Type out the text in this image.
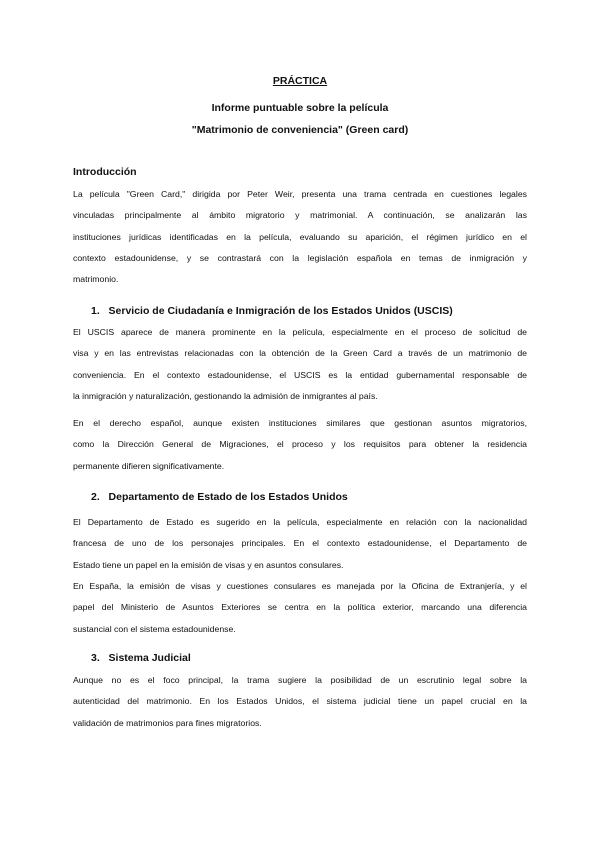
PRÁCTICA
Informe puntuable sobre la película
"Matrimonio de conveniencia" (Green card)
Introducción
La película "Green Card," dirigida por Peter Weir, presenta una trama centrada en cuestiones legales
vinculadas principalmente al ámbito migratorio y matrimonial. A continuación, se analizarán las
instituciones jurídicas identificadas en la película, evaluando su aparición, el régimen jurídico en el
contexto estadounidense, y se contrastará con la legislación española en temas de inmigración y
matrimonio.
1. Servicio de Ciudadanía e Inmigración de los Estados Unidos (USCIS)
El USCIS aparece de manera prominente en la película, especialmente en el proceso de solicitud de
visa y en las entrevistas relacionadas con la obtención de la Green Card a través de un matrimonio de
conveniencia. En el contexto estadounidense, el USCIS es la entidad gubernamental responsable de
la inmigración y naturalización, gestionando la admisión de inmigrantes al país.
En el derecho español, aunque existen instituciones similares que gestionan asuntos migratorios,
como la Dirección General de Migraciones, el proceso y los requisitos para obtener la residencia
permanente difieren significativamente.
2. Departamento de Estado de los Estados Unidos
El Departamento de Estado es sugerido en la película, especialmente en relación con la nacionalidad
francesa de uno de los personajes principales. En el contexto estadounidense, el Departamento de
Estado tiene un papel en la emisión de visas y en asuntos consulares.
En España, la emisión de visas y cuestiones consulares es manejada por la Oficina de Extranjería, y el
papel del Ministerio de Asuntos Exteriores se centra en la política exterior, marcando una diferencia
sustancial con el sistema estadounidense.
3. Sistema Judicial
Aunque no es el foco principal, la trama sugiere la posibilidad de un escrutinio legal sobre la
autenticidad del matrimonio. En los Estados Unidos, el sistema judicial tiene un papel crucial en la
validación de matrimonios para fines migratorios.
